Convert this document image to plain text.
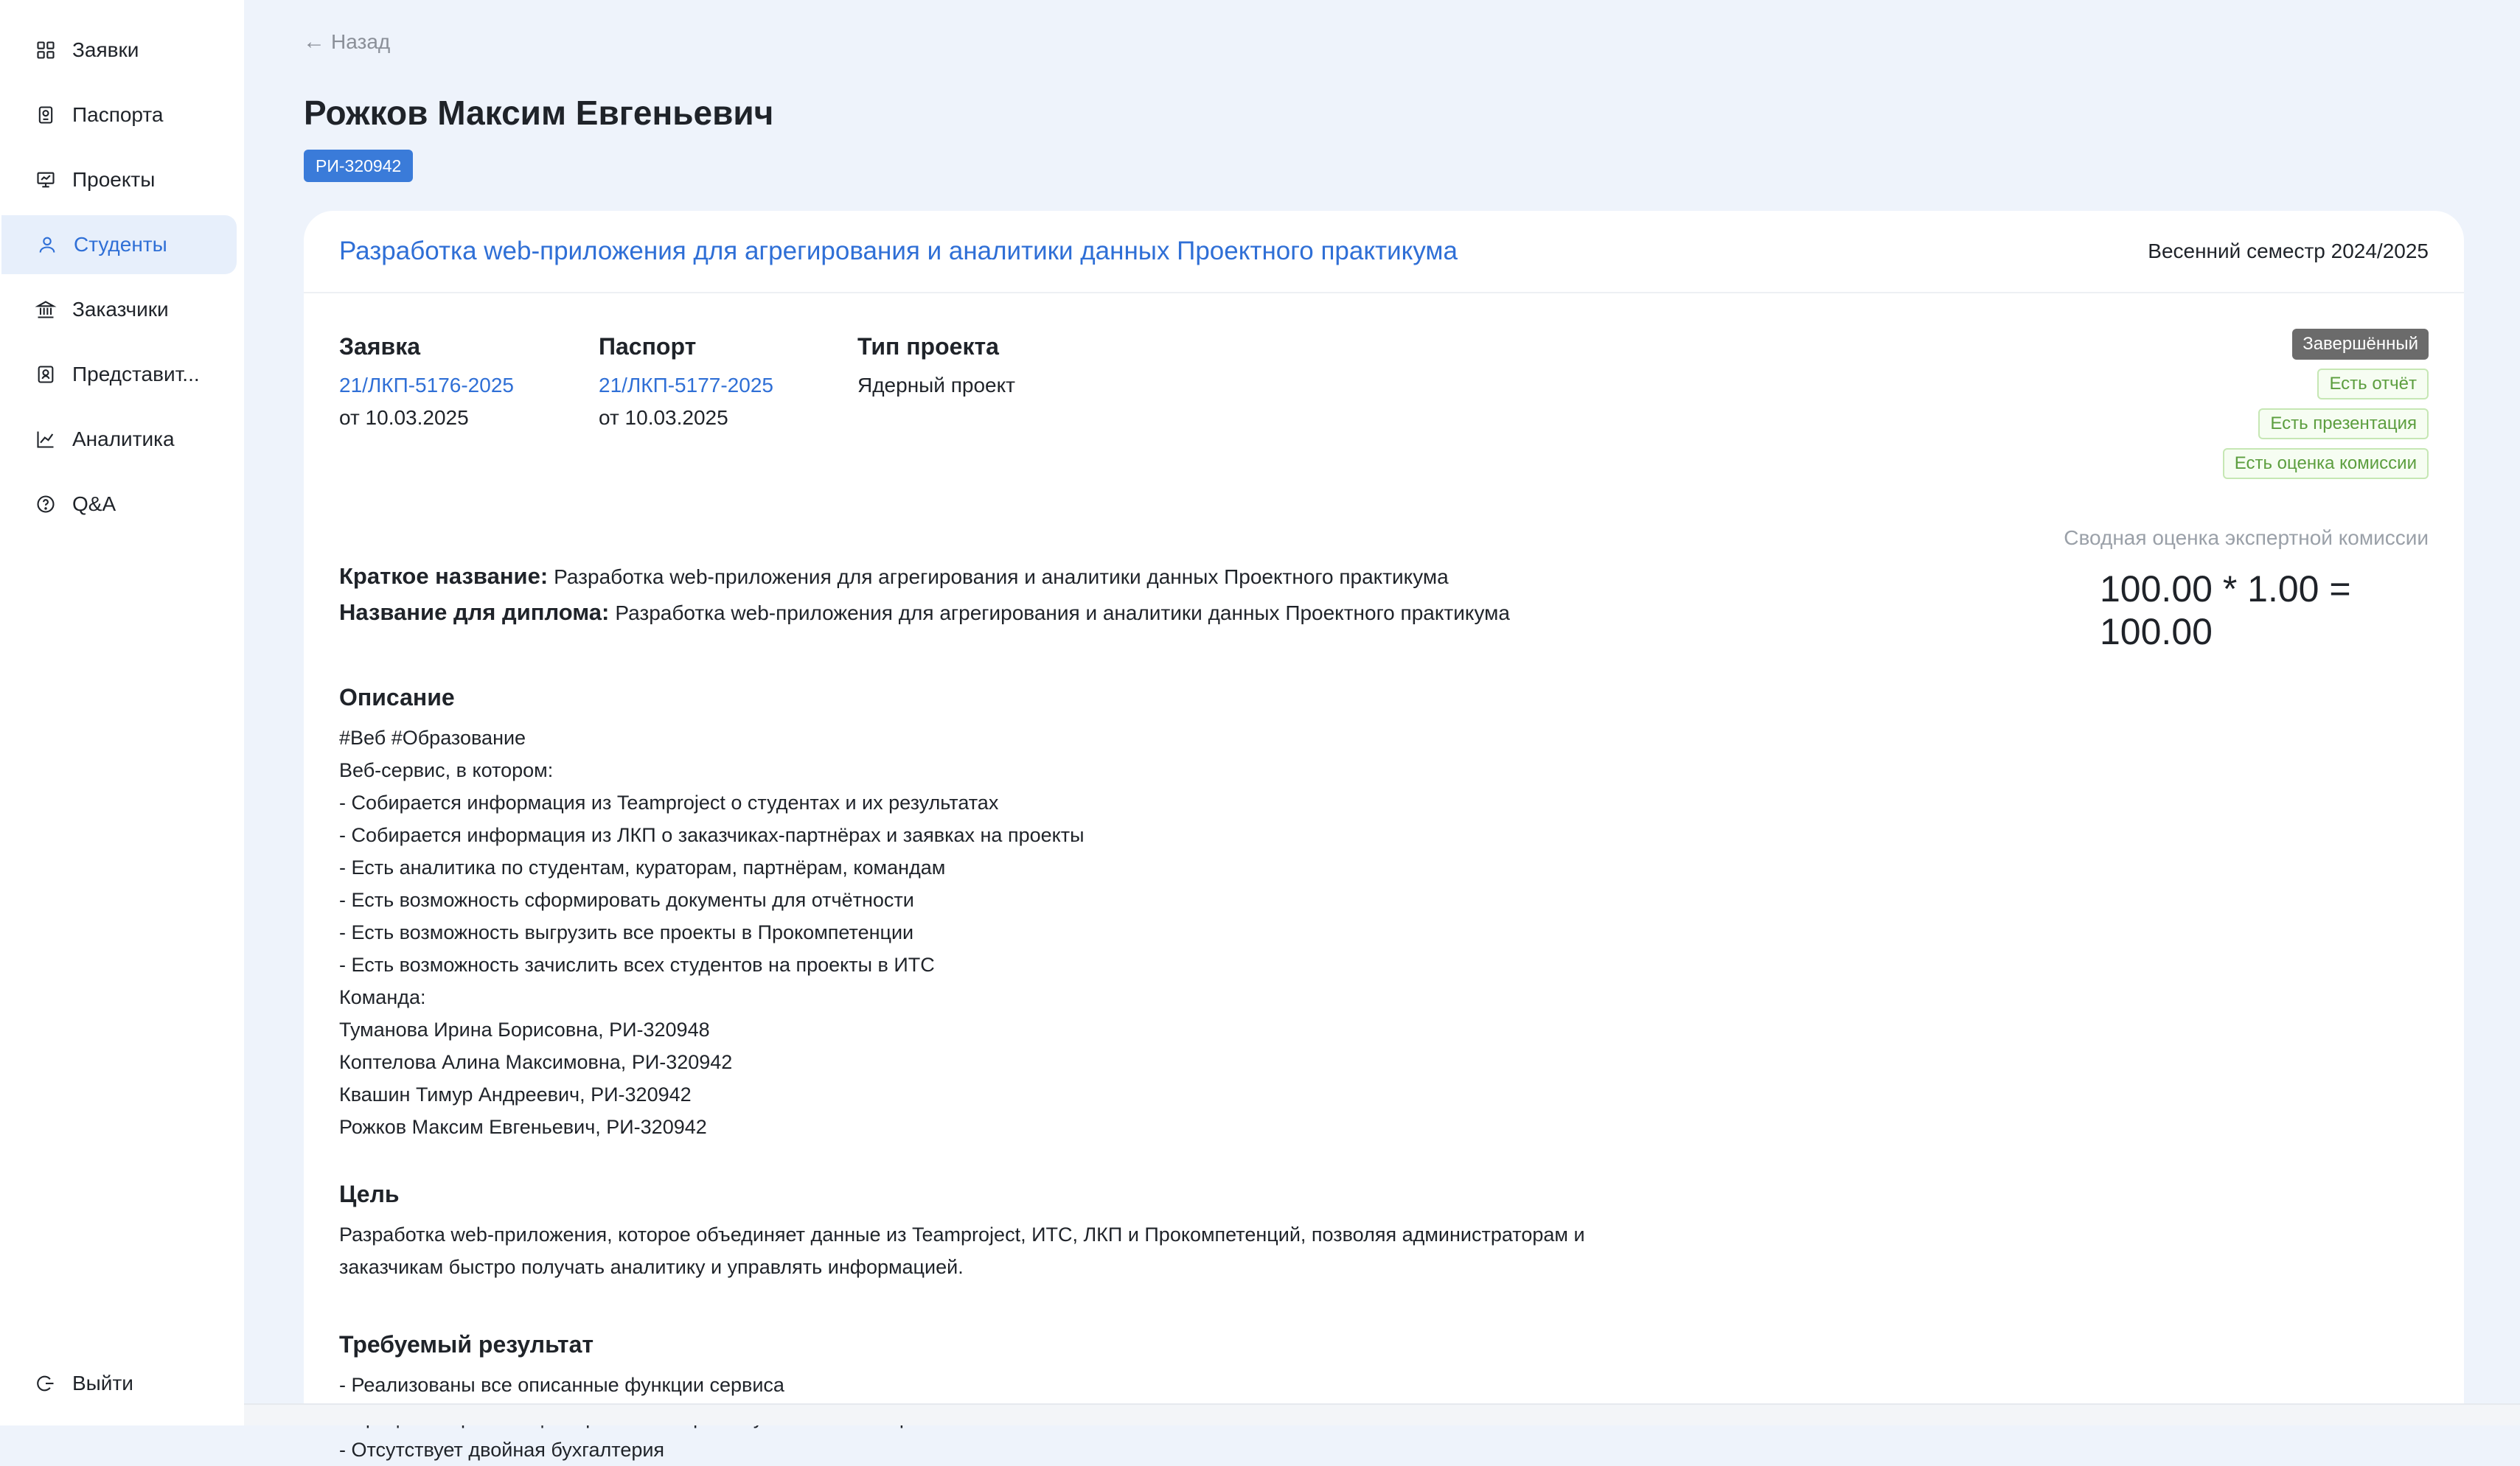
Заявки
Паспорта
Проекты
Студенты
Заказчики
Представит...
Аналитика
Q&A
Выйти
← Назад
Рожков Максим Евгеньевич
РИ-320942
Разработка web-приложения для агрегирования и аналитики данных Проектного практикума	Весенний семестр 2024/2025
Заявка
21/ЛКП-5176-2025
от 10.03.2025
Паспорт
21/ЛКП-5177-2025
от 10.03.2025
Тип проекта
Ядерный проект
Краткое название: Разработка web-приложения для агрегирования и аналитики данных Проектного практикума
Название для диплома: Разработка web-приложения для агрегирования и аналитики данных Проектного практикума
Описание
#Веб #Образование
Веб-сервис, в котором:
- Собирается информация из Teamproject о студентах и их результатах
- Собирается информация из ЛКП о заказчиках-партнёрах и заявках на проекты
- Есть аналитика по студентам, кураторам, партнёрам, командам
- Есть возможность сформировать документы для отчётности
- Есть возможность выгрузить все проекты в Прокомпетенции
- Есть возможность зачислить всех студентов на проекты в ИТС
Команда:
Туманова Ирина Борисовна, РИ-320948
Коптелова Алина Максимовна, РИ-320942
Квашин Тимур Андреевич, РИ-320942
Рожков Максим Евгеньевич, РИ-320942
Цель
Разработка web-приложения, которое объединяет данные из Teamproject, ИТС, ЛКП и Прокомпетенций, позволяя администраторам и
заказчикам быстро получать аналитику и управлять информацией.
Требуемый результат
- Реализованы все описанные функции сервиса
- Отсутствует двойная бухгалтерия
Завершённый
Есть отчёт
Есть презентация
Есть оценка комиссии
Сводная оценка экспертной комиссии
100.00 * 1.00 = 100.00
